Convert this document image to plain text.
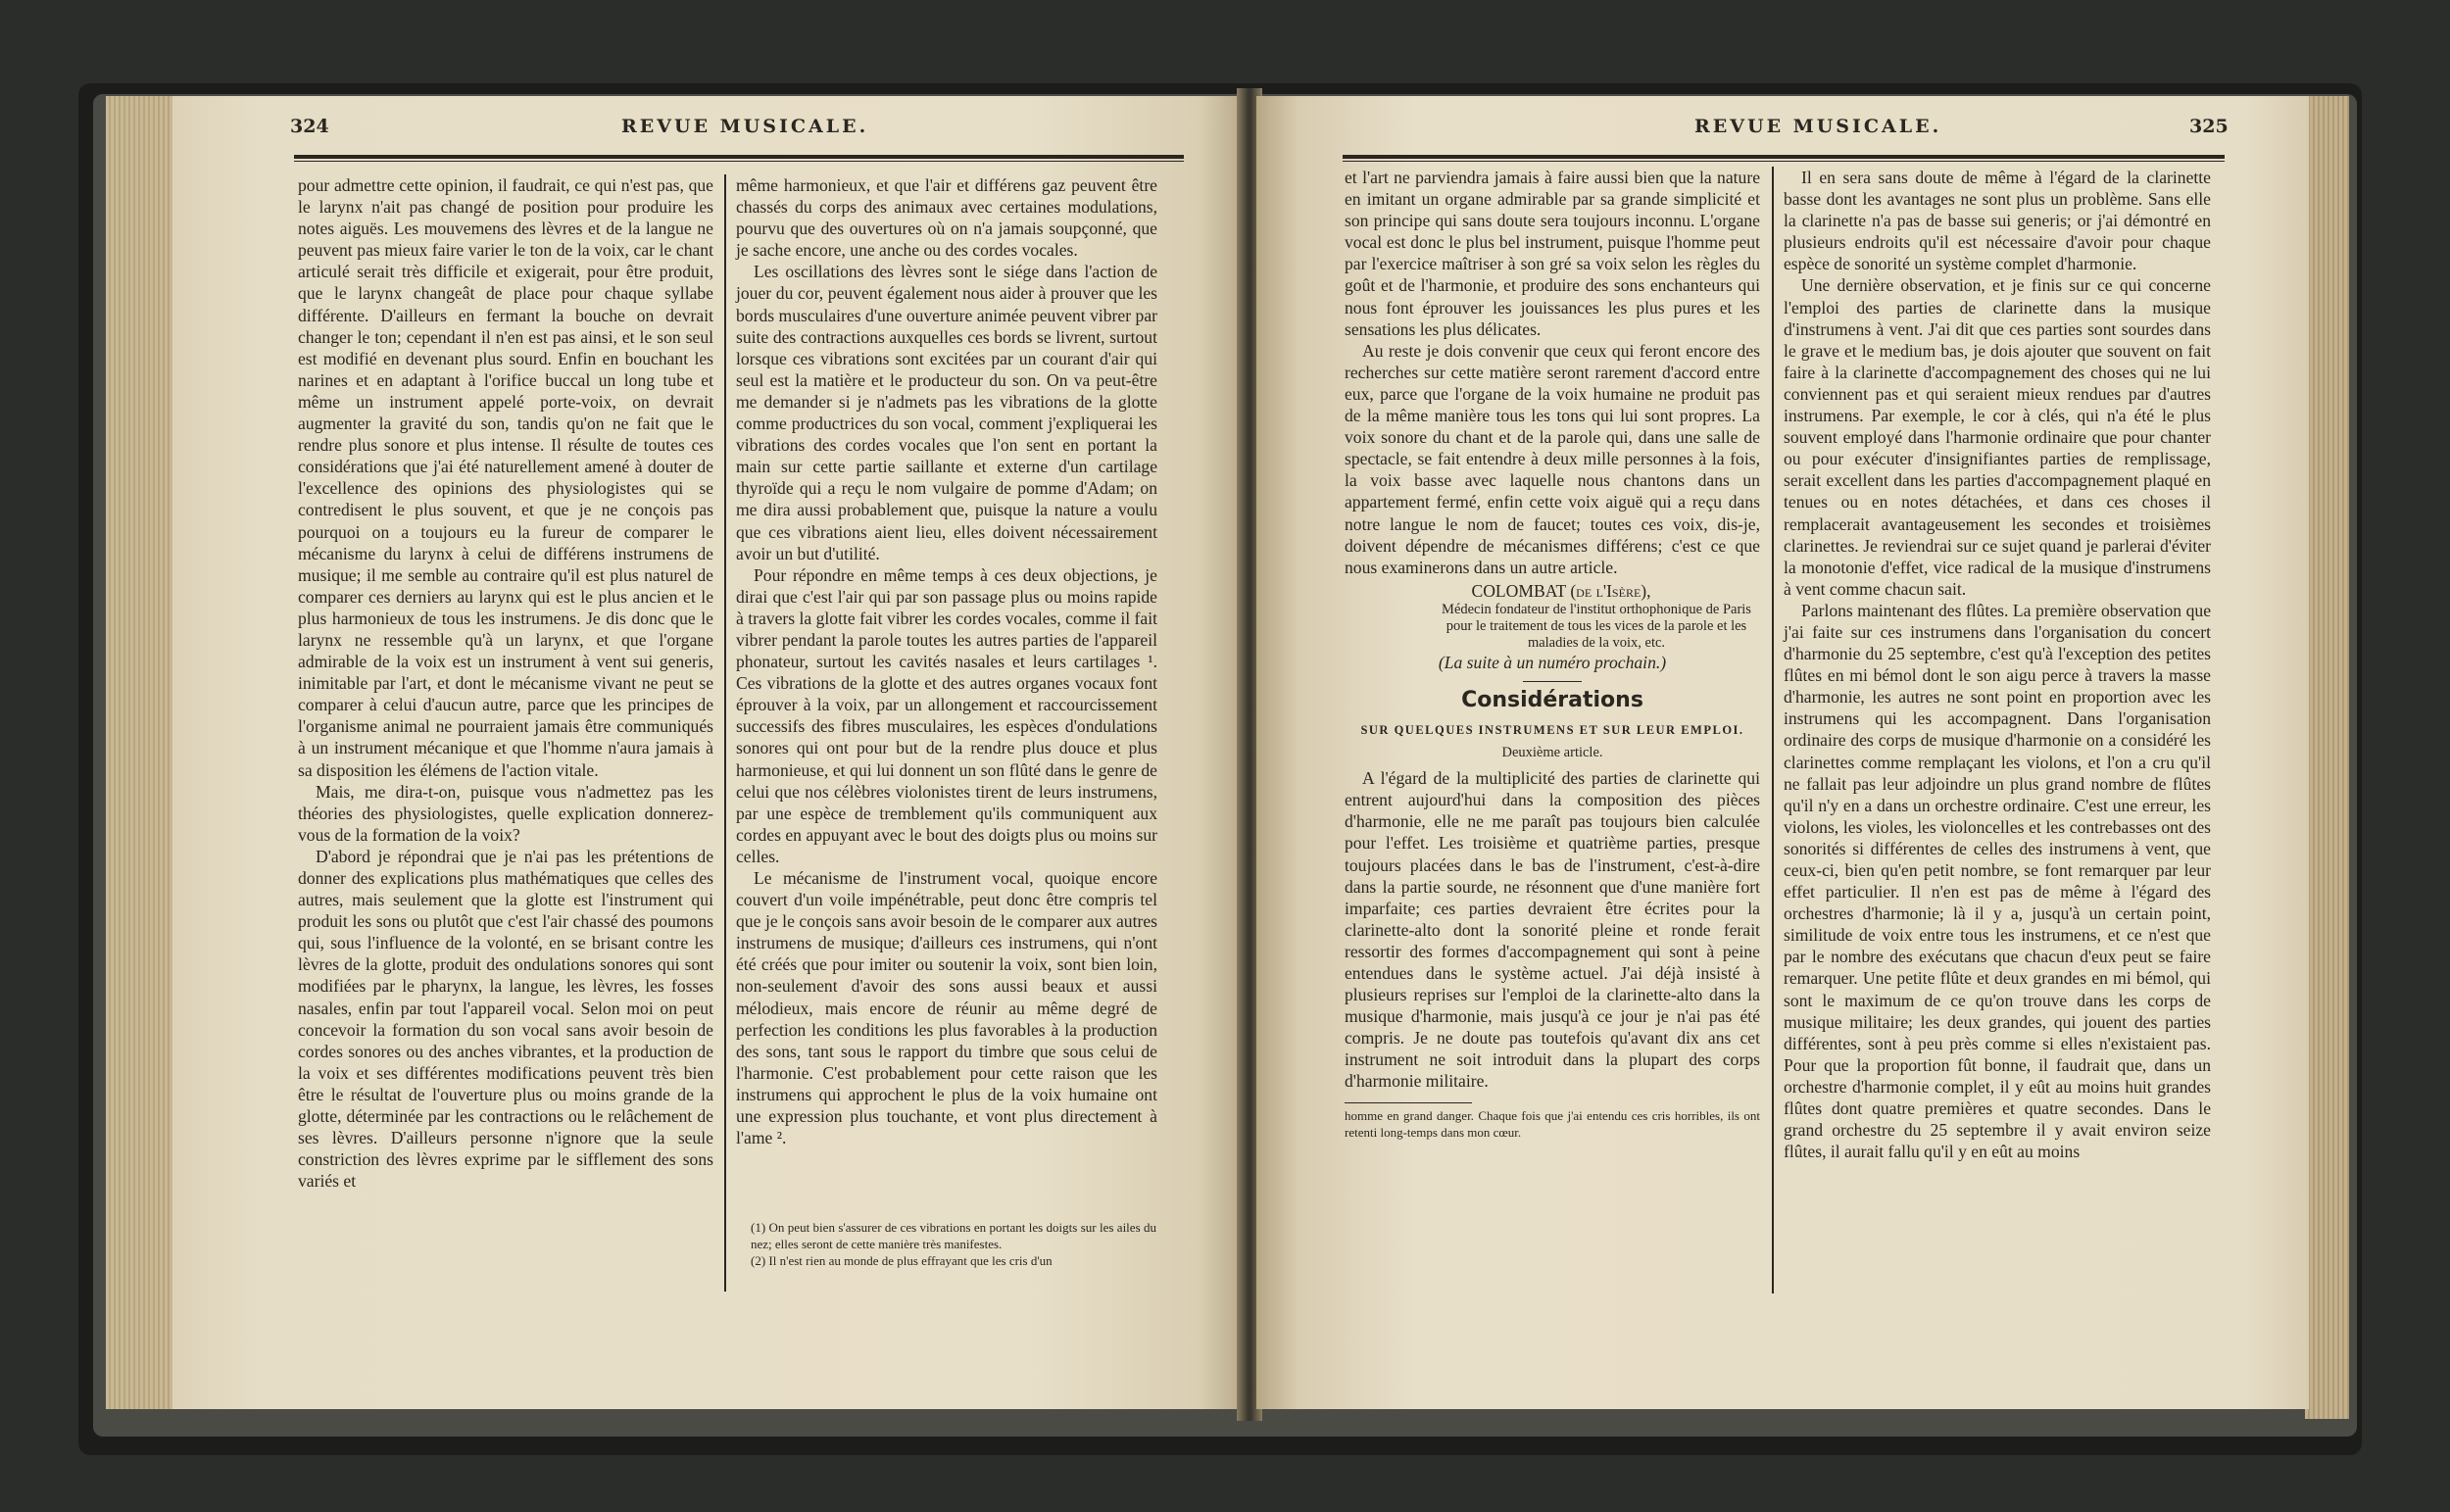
324	REVUE MUSICALE.

pour admettre cette opinion, il faudrait, ce qui n'est pas, que le larynx n'ait pas changé de position pour produire les notes aiguës. Les mouvemens des lèvres et de la langue ne peuvent pas mieux faire varier le ton de la voix, car le chant articulé serait très difficile et exigerait, pour être produit, que le larynx changeât de place pour chaque syllabe différente. D'ailleurs en fermant la bouche on devrait changer le ton; cependant il n'en est pas ainsi, et le son seul est modifié en devenant plus sourd. Enfin en bouchant les narines et en adaptant à l'orifice buccal un long tube et même un instrument appelé porte-voix, on devrait augmenter la gravité du son, tandis qu'on ne fait que le rendre plus sonore et plus intense. Il résulte de toutes ces considérations que j'ai été naturellement amené à douter de l'excellence des opinions des physiologistes qui se contredisent le plus souvent, et que je ne conçois pas pourquoi on a toujours eu la fureur de comparer le mécanisme du larynx à celui de différens instrumens de musique; il me semble au contraire qu'il est plus naturel de comparer ces derniers au larynx qui est le plus ancien et le plus harmonieux de tous les instrumens. Je dis donc que le larynx ne ressemble qu'à un larynx, et que l'organe admirable de la voix est un instrument à vent sui generis, inimitable par l'art, et dont le mécanisme vivant ne peut se comparer à celui d'aucun autre, parce que les principes de l'organisme animal ne pourraient jamais être communiqués à un instrument mécanique et que l'homme n'aura jamais à sa disposition les élémens de l'action vitale.

Mais, me dira-t-on, puisque vous n'admettez pas les théories des physiologistes, quelle explication donnerez-vous de la formation de la voix?

D'abord je répondrai que je n'ai pas les prétentions de donner des explications plus mathématiques que celles des autres, mais seulement que la glotte est l'instrument qui produit les sons ou plutôt que c'est l'air chassé des poumons qui, sous l'influence de la volonté, en se brisant contre les lèvres de la glotte, produit des ondulations sonores qui sont modifiées par le pharynx, la langue, les lèvres, les fosses nasales, enfin par tout l'appareil vocal. Selon moi on peut concevoir la formation du son vocal sans avoir besoin de cordes sonores ou des anches vibrantes, et la production de la voix et ses différentes modifications peuvent très bien être le résultat de l'ouverture plus ou moins grande de la glotte, déterminée par les contractions ou le relâchement de ses lèvres. D'ailleurs personne n'ignore que la seule constriction des lèvres exprime par le sifflement des sons variés et

même harmonieux, et que l'air et différens gaz peuvent être chassés du corps des animaux avec certaines modulations, pourvu que des ouvertures où on n'a jamais soupçonné, que je sache encore, une anche ou des cordes vocales.

Les oscillations des lèvres sont le siége dans l'action de jouer du cor, peuvent également nous aider à prouver que les bords musculaires d'une ouverture animée peuvent vibrer par suite des contractions auxquelles ces bords se livrent, surtout lorsque ces vibrations sont excitées par un courant d'air qui seul est la matière et le producteur du son. On va peut-être me demander si je n'admets pas les vibrations de la glotte comme productrices du son vocal, comment j'expliquerai les vibrations des cordes vocales que l'on sent en portant la main sur cette partie saillante et externe d'un cartilage thyroïde qui a reçu le nom vulgaire de pomme d'Adam; on me dira aussi probablement que, puisque la nature a voulu que ces vibrations aient lieu, elles doivent nécessairement avoir un but d'utilité.

Pour répondre en même temps à ces deux objections, je dirai que c'est l'air qui par son passage plus ou moins rapide à travers la glotte fait vibrer les cordes vocales, comme il fait vibrer pendant la parole toutes les autres parties de l'appareil phonateur, surtout les cavités nasales et leurs cartilages ¹. Ces vibrations de la glotte et des autres organes vocaux font éprouver à la voix, par un allongement et raccourcissement successifs des fibres musculaires, les espèces d'ondulations sonores qui ont pour but de la rendre plus douce et plus harmonieuse, et qui lui donnent un son flûté dans le genre de celui que nos célèbres violonistes tirent de leurs instrumens, par une espèce de tremblement qu'ils communiquent aux cordes en appuyant avec le bout des doigts plus ou moins sur celles.

Le mécanisme de l'instrument vocal, quoique encore couvert d'un voile impénétrable, peut donc être compris tel que je le conçois sans avoir besoin de le comparer aux autres instrumens de musique; d'ailleurs ces instrumens, qui n'ont été créés que pour imiter ou soutenir la voix, sont bien loin, non-seulement d'avoir des sons aussi beaux et aussi mélodieux, mais encore de réunir au même degré de perfection les conditions les plus favorables à la production des sons, tant sous le rapport du timbre que sous celui de l'harmonie. C'est probablement pour cette raison que les instrumens qui approchent le plus de la voix humaine ont une expression plus touchante, et vont plus directement à l'ame ².

(1) On peut bien s'assurer de ces vibrations en portant les doigts sur les ailes du nez; elles seront de cette manière très manifestes.

(2) Il n'est rien au monde de plus effrayant que les cris d'un

REVUE MUSICALE.	325

et l'art ne parviendra jamais à faire aussi bien que la nature en imitant un organe admirable par sa grande simplicité et son principe qui sans doute sera toujours inconnu. L'organe vocal est donc le plus bel instrument, puisque l'homme peut par l'exercice maîtriser à son gré sa voix selon les règles du goût et de l'harmonie, et produire des sons enchanteurs qui nous font éprouver les jouissances les plus pures et les sensations les plus délicates.

Au reste je dois convenir que ceux qui feront encore des recherches sur cette matière seront rarement d'accord entre eux, parce que l'organe de la voix humaine ne produit pas de la même manière tous les tons qui lui sont propres. La voix sonore du chant et de la parole qui, dans une salle de spectacle, se fait entendre à deux mille personnes à la fois, la voix basse avec laquelle nous chantons dans un appartement fermé, enfin cette voix aiguë qui a reçu dans notre langue le nom de faucet; toutes ces voix, dis-je, doivent dépendre de mécanismes différens; c'est ce que nous examinerons dans un autre article.

COLOMBAT (de l'Isère),

Médecin fondateur de l'institut orthophonique de Paris pour le traitement de tous les vices de la parole et les maladies de la voix, etc.

(La suite à un numéro prochain.)

Considérations
SUR QUELQUES INSTRUMENS ET SUR LEUR EMPLOI.

Deuxième article.

A l'égard de la multiplicité des parties de clarinette qui entrent aujourd'hui dans la composition des pièces d'harmonie, elle ne me paraît pas toujours bien calculée pour l'effet. Les troisième et quatrième parties, presque toujours placées dans le bas de l'instrument, c'est-à-dire dans la partie sourde, ne résonnent que d'une manière fort imparfaite; ces parties devraient être écrites pour la clarinette-alto dont la sonorité pleine et ronde ferait ressortir des formes d'accompagnement qui sont à peine entendues dans le système actuel. J'ai déjà insisté à plusieurs reprises sur l'emploi de la clarinette-alto dans la musique d'harmonie, mais jusqu'à ce jour je n'ai pas été compris. Je ne doute pas toutefois qu'avant dix ans cet instrument ne soit introduit dans la plupart des corps d'harmonie militaire.

homme en grand danger. Chaque fois que j'ai entendu ces cris horribles, ils ont retenti long-temps dans mon cœur.

Il en sera sans doute de même à l'égard de la clarinette basse dont les avantages ne sont plus un problème. Sans elle la clarinette n'a pas de basse sui generis; or j'ai démontré en plusieurs endroits qu'il est nécessaire d'avoir pour chaque espèce de sonorité un système complet d'harmonie.

Une dernière observation, et je finis sur ce qui concerne l'emploi des parties de clarinette dans la musique d'instrumens à vent. J'ai dit que ces parties sont sourdes dans le grave et le medium bas, je dois ajouter que souvent on fait faire à la clarinette d'accompagnement des choses qui ne lui conviennent pas et qui seraient mieux rendues par d'autres instrumens. Par exemple, le cor à clés, qui n'a été le plus souvent employé dans l'harmonie ordinaire que pour chanter ou pour exécuter d'insignifiantes parties de remplissage, serait excellent dans les parties d'accompagnement plaqué en tenues ou en notes détachées, et dans ces choses il remplacerait avantageusement les secondes et troisièmes clarinettes. Je reviendrai sur ce sujet quand je parlerai d'éviter la monotonie d'effet, vice radical de la musique d'instrumens à vent comme chacun sait.

Parlons maintenant des flûtes. La première observation que j'ai faite sur ces instrumens dans l'organisation du concert d'harmonie du 25 septembre, c'est qu'à l'exception des petites flûtes en mi bémol dont le son aigu perce à travers la masse d'harmonie, les autres ne sont point en proportion avec les instrumens qui les accompagnent. Dans l'organisation ordinaire des corps de musique d'harmonie on a considéré les clarinettes comme remplaçant les violons, et l'on a cru qu'il ne fallait pas leur adjoindre un plus grand nombre de flûtes qu'il n'y en a dans un orchestre ordinaire. C'est une erreur, les violons, les violes, les violoncelles et les contrebasses ont des sonorités si différentes de celles des instrumens à vent, que ceux-ci, bien qu'en petit nombre, se font remarquer par leur effet particulier. Il n'en est pas de même à l'égard des orchestres d'harmonie; là il y a, jusqu'à un certain point, similitude de voix entre tous les instrumens, et ce n'est que par le nombre des exécutans que chacun d'eux peut se faire remarquer. Une petite flûte et deux grandes en mi bémol, qui sont le maximum de ce qu'on trouve dans les corps de musique militaire; les deux grandes, qui jouent des parties différentes, sont à peu près comme si elles n'existaient pas. Pour que la proportion fût bonne, il faudrait que, dans un orchestre d'harmonie complet, il y eût au moins huit grandes flûtes dont quatre premières et quatre secondes. Dans le grand orchestre du 25 septembre il y avait environ seize flûtes, il aurait fallu qu'il y en eût au moins
